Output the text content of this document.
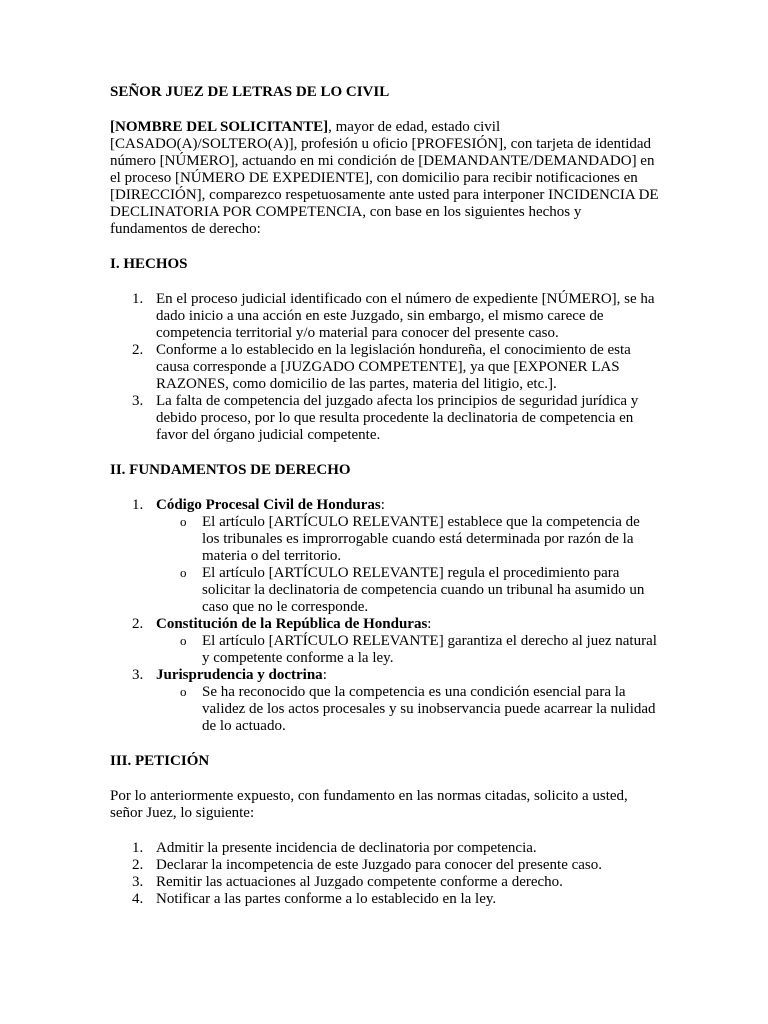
SEÑOR JUEZ DE LETRAS DE LO CIVIL

[NOMBRE DEL SOLICITANTE], mayor de edad, estado civil [CASADO(A)/SOLTERO(A)], profesión u oficio [PROFESIÓN], con tarjeta de identidad número [NÚMERO], actuando en mi condición de [DEMANDANTE/DEMANDADO] en el proceso [NÚMERO DE EXPEDIENTE], con domicilio para recibir notificaciones en [DIRECCIÓN], comparezco respetuosamente ante usted para interponer INCIDENCIA DE DECLINATORIA POR COMPETENCIA, con base en los siguientes hechos y fundamentos de derecho:

I. HECHOS

1. En el proceso judicial identificado con el número de expediente [NÚMERO], se ha dado inicio a una acción en este Juzgado, sin embargo, el mismo carece de competencia territorial y/o material para conocer del presente caso.
2. Conforme a lo establecido en la legislación hondureña, el conocimiento de esta causa corresponde a [JUZGADO COMPETENTE], ya que [EXPONER LAS RAZONES, como domicilio de las partes, materia del litigio, etc.].
3. La falta de competencia del juzgado afecta los principios de seguridad jurídica y debido proceso, por lo que resulta procedente la declinatoria de competencia en favor del órgano judicial competente.

II. FUNDAMENTOS DE DERECHO

1. Código Procesal Civil de Honduras:
o El artículo [ARTÍCULO RELEVANTE] establece que la competencia de los tribunales es improrrogable cuando está determinada por razón de la materia o del territorio.
o El artículo [ARTÍCULO RELEVANTE] regula el procedimiento para solicitar la declinatoria de competencia cuando un tribunal ha asumido un caso que no le corresponde.
2. Constitución de la República de Honduras:
o El artículo [ARTÍCULO RELEVANTE] garantiza el derecho al juez natural y competente conforme a la ley.
3. Jurisprudencia y doctrina:
o Se ha reconocido que la competencia es una condición esencial para la validez de los actos procesales y su inobservancia puede acarrear la nulidad de lo actuado.

III. PETICIÓN

Por lo anteriormente expuesto, con fundamento en las normas citadas, solicito a usted, señor Juez, lo siguiente:

1. Admitir la presente incidencia de declinatoria por competencia.
2. Declarar la incompetencia de este Juzgado para conocer del presente caso.
3. Remitir las actuaciones al Juzgado competente conforme a derecho.
4. Notificar a las partes conforme a lo establecido en la ley.
